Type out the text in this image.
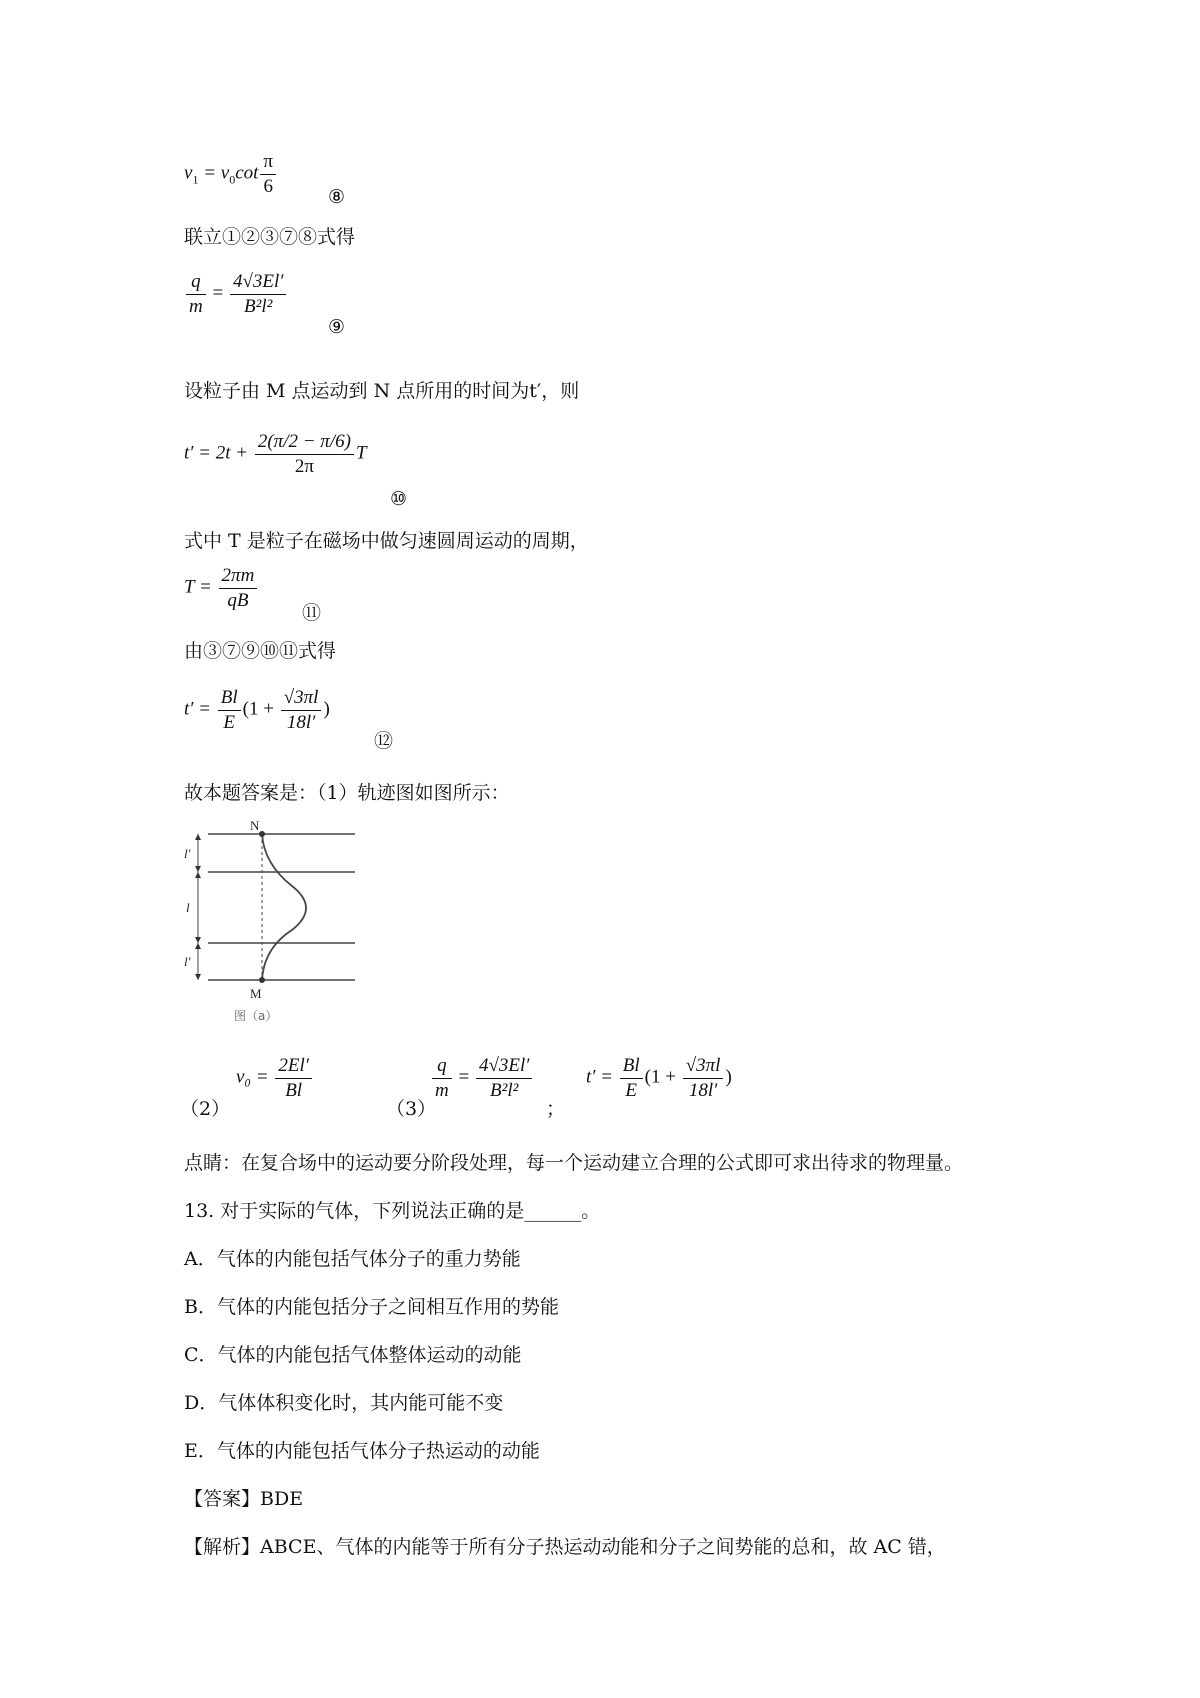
$v_1 = v_0\cot \frac{\pi}{6}$	⑧
联立①②③⑦⑧式得
$\frac{q}{m} = \frac{4√3El'}{\text{B²l²}}$
⑨
设粒子由 M 点运动到 N 点所用的时间为t′，则
$t' = 2t + \frac{2(\pi/2 - \pi/6)}{2\pi}$ T
⑩
式中 T 是粒子在磁场中做匀速圆周运动的周期，
$T = \frac{2\pi m}{qB}$
⑪
由③⑦⑨⑩⑪式得
$t' = \frac{Bl}{E} (1 + \frac{√3\pi l}{18l'}$ )
⑫
故本题答案是：（1）轨迹图如图所示：
N
M
l′
l
l′
图（a）
（2）
$v_0 = \frac{2El'}{Bl}$
（3）
$\frac{q}{m} = \frac{4√3El'}{\text{B²l²}}$
；
$t' = \frac{Bl}{E} (1 + \frac{√3\pi l}{18l'}$ )
点睛：在复合场中的运动要分阶段处理，每一个运动建立合理的公式即可求出待求的物理量。
13. 对于实际的气体，下列说法正确的是______。
A．气体的内能包括气体分子的重力势能
B．气体的内能包括分子之间相互作用的势能
C．气体的内能包括气体整体运动的动能
D．气体体积变化时，其内能可能不变
E．气体的内能包括气体分子热运动的动能
【答案】BDE
【解析】ABCE、气体的内能等于所有分子热运动动能和分子之间势能的总和，故 AC 错，
